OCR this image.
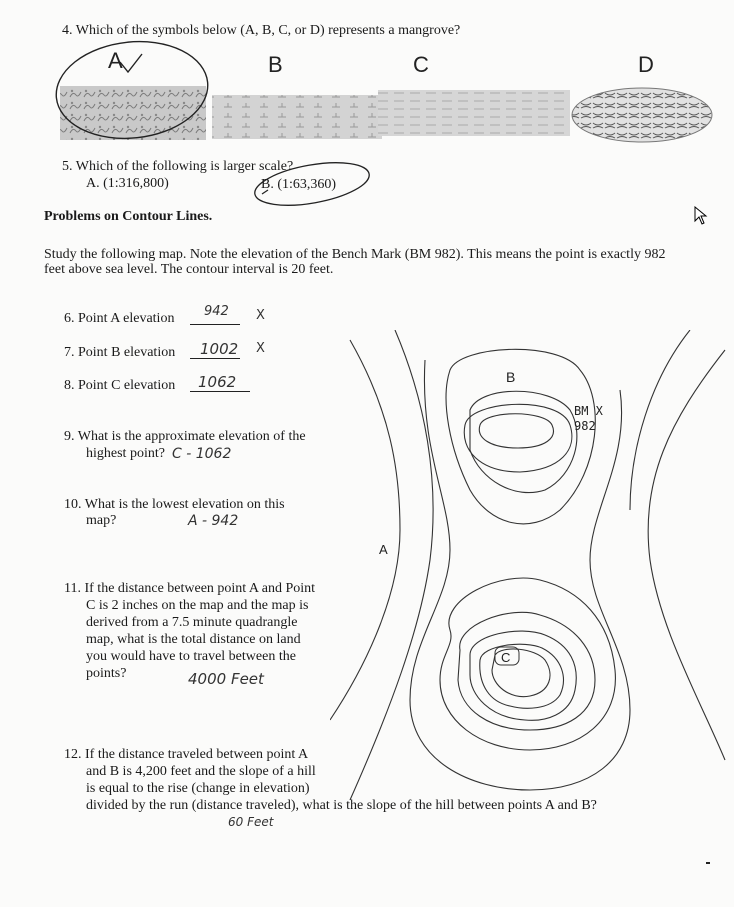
4. Which of the symbols below (A, B, C, or D) represents a mangrove?
A	B	C	D
5. Which of the following is larger scale?
A. (1:316,800)	B. (1:63,360)
Problems on Contour Lines.
Study the following map. Note the elevation of the Bench Mark (BM 982). This means the point is exactly 982
feet above sea level. The contour interval is 20 feet.
6. Point A elevation 942 X
7. Point B elevation 1002 X
8. Point C elevation 1062
9. What is the approximate elevation of the
highest point? C - 1062
10. What is the lowest elevation on this
map?	A - 942
11. If the distance between point A and Point
C is 2 inches on the map and the map is
derived from a 7.5 minute quadrangle
map, what is the total distance on land
you would have to travel between the
points?	4000 Feet
12. If the distance traveled between point A
and B is 4,200 feet and the slope of a hill
is equal to the rise (change in elevation)
divided by the run (distance traveled), what is the slope of the hill between points A and B?
60 Feet
B
A
BM X
982
C
